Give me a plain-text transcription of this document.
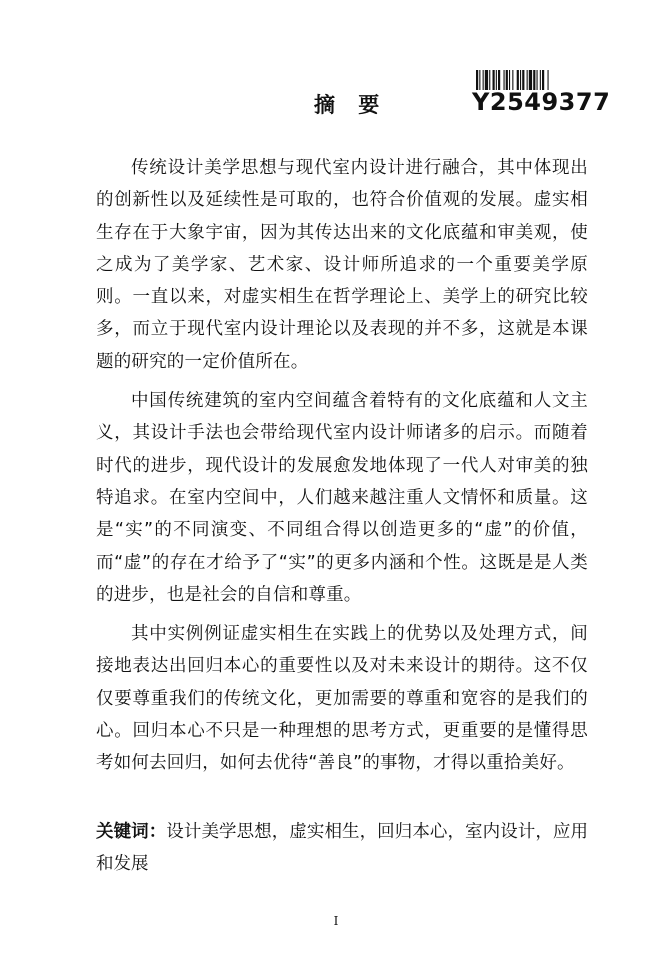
Y2549377
摘 要

传统设计美学思想与现代室内设计进行融合，其中体现出的创新性以及延续性是可取的，也符合价值观的发展。虚实相生存在于大象宇宙，因为其传达出来的文化底蕴和审美观，使之成为了美学家、艺术家、设计师所追求的一个重要美学原则。一直以来，对虚实相生在哲学理论上、美学上的研究比较多，而立于现代室内设计理论以及表现的并不多，这就是本课题的研究的一定价值所在。

中国传统建筑的室内空间蕴含着特有的文化底蕴和人文主义，其设计手法也会带给现代室内设计师诸多的启示。而随着时代的进步，现代设计的发展愈发地体现了一代人对审美的独特追求。在室内空间中，人们越来越注重人文情怀和质量。这是“实”的不同演变、不同组合得以创造更多的“虚”的价值，而“虚”的存在才给予了“实”的更多内涵和个性。这既是是人类的进步，也是社会的自信和尊重。

其中实例例证虚实相生在实践上的优势以及处理方式，间接地表达出回归本心的重要性以及对未来设计的期待。这不仅仅要尊重我们的传统文化，更加需要的尊重和宽容的是我们的心。回归本心不只是一种理想的思考方式，更重要的是懂得思考如何去回归，如何去优待“善良”的事物，才得以重拾美好。

关键词：设计美学思想，虚实相生，回归本心，室内设计，应用和发展
I
